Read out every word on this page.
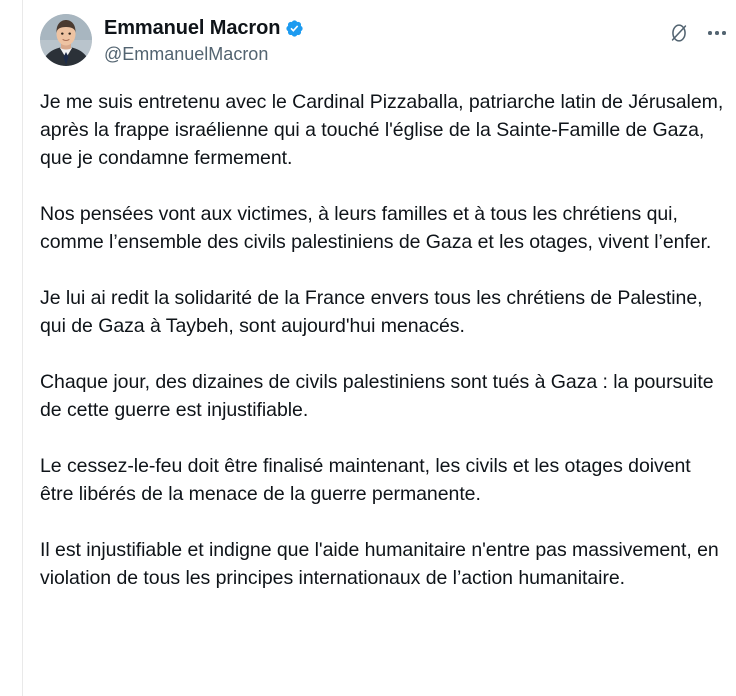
Emmanuel Macron
@EmmanuelMacron

Je me suis entretenu avec le Cardinal Pizzaballa, patriarche latin de Jérusalem, après la frappe israélienne qui a touché l'église de la Sainte-Famille de Gaza, que je condamne fermement.

Nos pensées vont aux victimes, à leurs familles et à tous les chrétiens qui, comme l’ensemble des civils palestiniens de Gaza et les otages, vivent l’enfer.

Je lui ai redit la solidarité de la France envers tous les chrétiens de Palestine, qui de Gaza à Taybeh, sont aujourd'hui menacés.

Chaque jour, des dizaines de civils palestiniens sont tués à Gaza : la poursuite de cette guerre est injustifiable.

Le cessez-le-feu doit être finalisé maintenant, les civils et les otages doivent être libérés de la menace de la guerre permanente.

Il est injustifiable et indigne que l'aide humanitaire n'entre pas massivement, en violation de tous les principes internationaux de l’action humanitaire.
